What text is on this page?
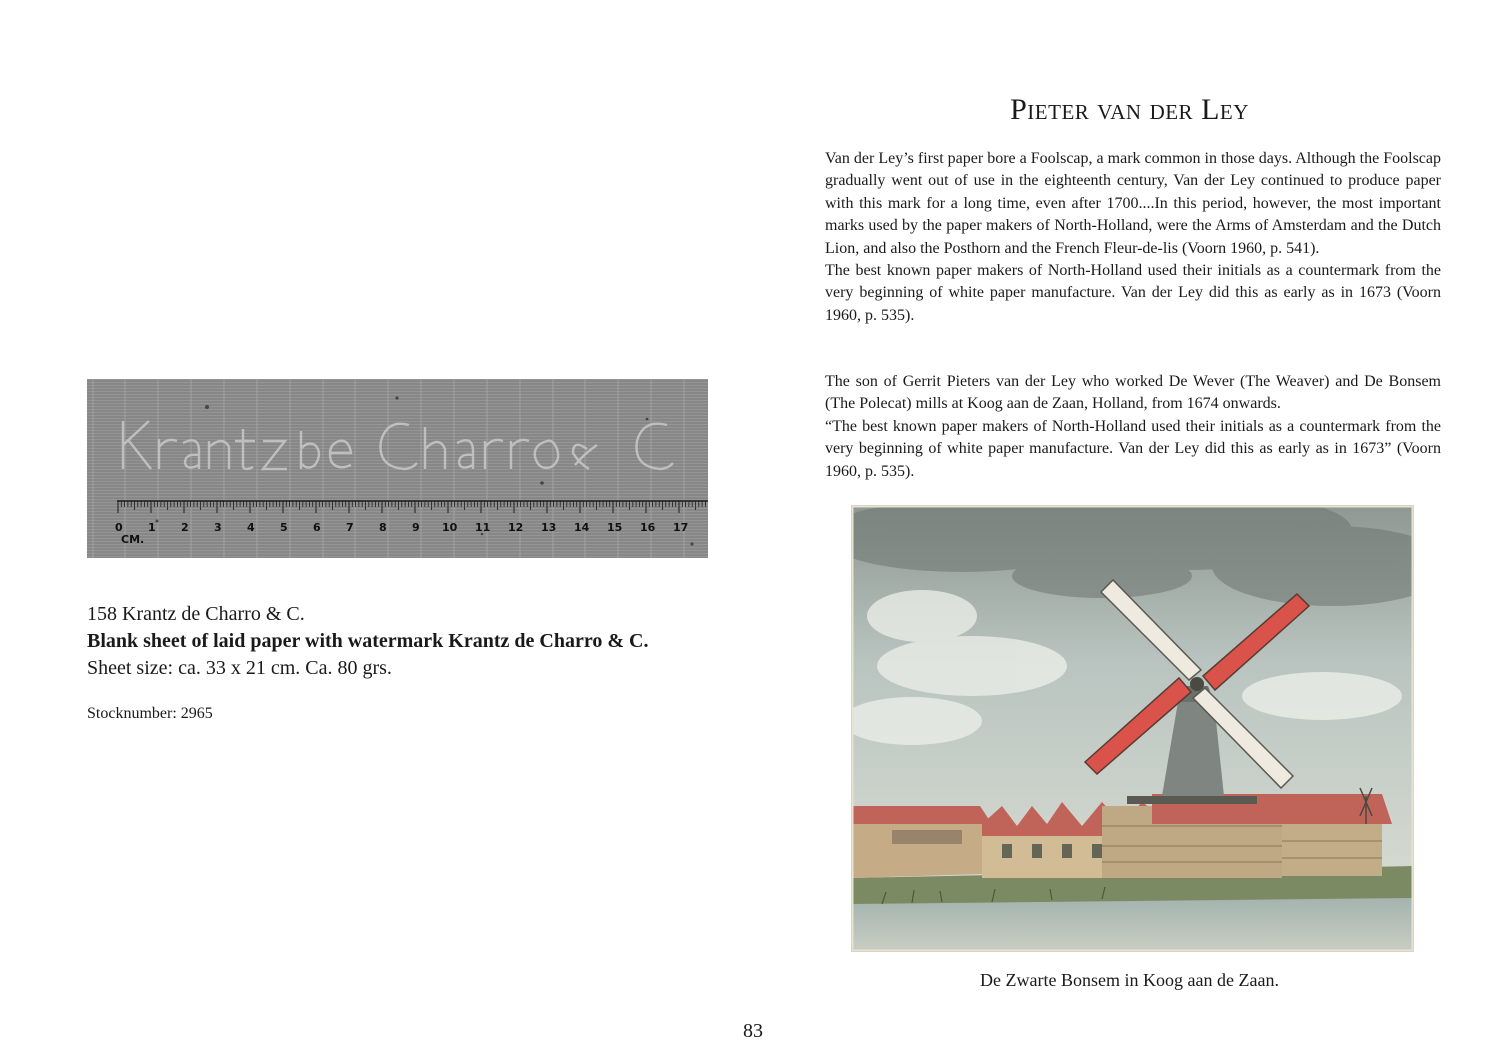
0 1 2 3 4 5 6 7 8 9 10 11 12 13 14 15 16 17
CM.
158 Krantz de Charro & C.
Blank sheet of laid paper with watermark Krantz de Charro & C.
Sheet size: ca. 33 x 21 cm. Ca. 80 grs.
Stocknumber: 2965
Pieter van der Ley

Van der Ley’s first paper bore a Foolscap, a mark common in those days. Although the Foolscap gradually went out of use in the eighteenth century, Van der Ley continued to produce paper with this mark for a long time, even after 1700....In this period, however, the most important marks used by the paper makers of North-Holland, were the Arms of Amsterdam and the Dutch Lion, and also the Posthorn and the French Fleur-de-lis (Voorn 1960, p. 541).

The best known paper makers of North-Holland used their initials as a countermark from the very beginning of white paper manufacture. Van der Ley did this as early as in 1673 (Voorn 1960, p. 535).

The son of Gerrit Pieters van der Ley who worked De Wever (The Weaver) and De Bonsem (The Polecat) mills at Koog aan de Zaan, Holland, from 1674 onwards.

“The best known paper makers of North-Holland used their initials as a countermark from the very beginning of white paper manufacture. Van der Ley did this as early as in 1673” (Voorn 1960, p. 535).

De Zwarte Bonsem in Koog aan de Zaan.
83
